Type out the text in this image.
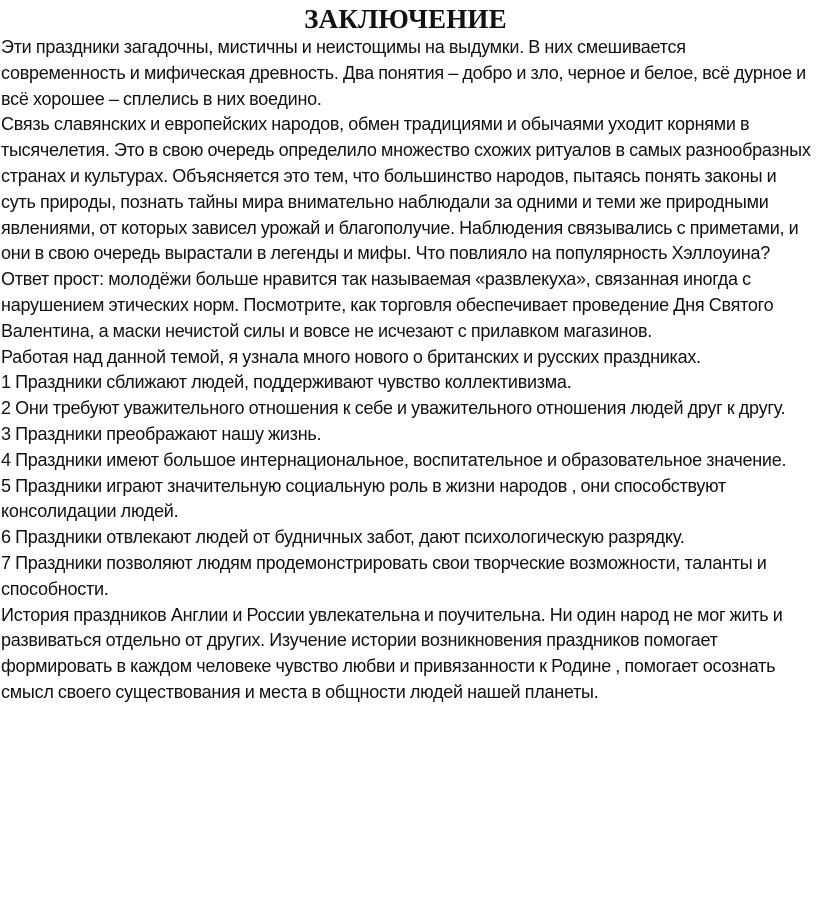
ЗАКЛЮЧЕНИЕ

Эти праздники загадочны, мистичны и неистощимы на выдумки. В них смешивается современность и мифическая древность. Два понятия – добро и зло, черное и белое, всё дурное и всё хорошее – сплелись в них воедино.

Связь славянских и европейских народов, обмен традициями и обычаями уходит корнями в тысячелетия. Это в свою очередь определило множество схожих ритуалов в самых разнообразных странах и культурах. Объясняется это тем, что большинство народов, пытаясь понять законы и суть природы, познать тайны мира внимательно наблюдали за одними и теми же природными явлениями, от которых зависел урожай и благополучие. Наблюдения связывались с приметами, и они в свою очередь вырастали в легенды и мифы. Что повлияло на популярность Хэллоуина? Ответ прост: молодёжи больше нравится так называемая «развлекуха», связанная иногда с нарушением этических норм. Посмотрите, как торговля обеспечивает проведение Дня Святого Валентина, а маски нечистой силы и вовсе не исчезают с прилавком магазинов.

Работая над данной темой, я узнала много нового о британских и русских праздниках.

1 Праздники сближают людей, поддерживают чувство коллективизма.

2 Они требуют уважительного отношения к себе и уважительного отношения людей друг к другу.

3 Праздники преображают нашу жизнь.

4 Праздники имеют большое интернациональное, воспитательное и образовательное значение.

5 Праздники играют значительную социальную роль в жизни народов , они способствуют консолидации людей.

6 Праздники отвлекают людей от будничных забот, дают психологическую разрядку.

7 Праздники позволяют людям продемонстрировать свои творческие возможности, таланты и способности.

История праздников Англии и России увлекательна и поучительна. Ни один народ не мог жить и развиваться отдельно от других. Изучение истории возникновения праздников помогает формировать в каждом человеке чувство любви и привязанности к Родине , помогает осознать смысл своего существования и места в общности людей нашей планеты.
